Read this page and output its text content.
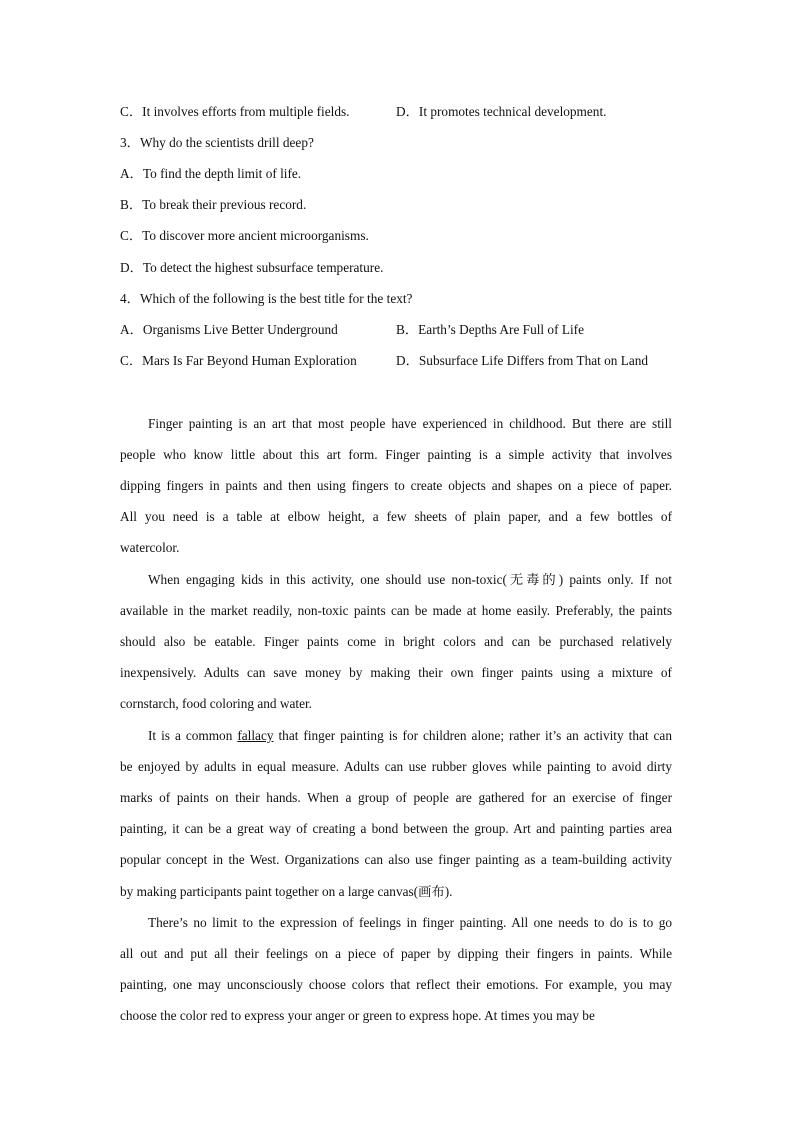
C．It involves efforts from multiple fields.	D．It promotes technical development.
3．Why do the scientists drill deep?
A．To find the depth limit of life.
B．To break their previous record.
C．To discover more ancient microorganisms.
D．To detect the highest subsurface temperature.
4．Which of the following is the best title for the text?
A．Organisms Live Better Underground	B．Earth’s Depths Are Full of Life
C．Mars Is Far Beyond Human Exploration	D．Subsurface Life Differs from That on Land
Finger painting is an art that most people have experienced in childhood. But there are still
people who know little about this art form. Finger painting is a simple activity that involves
dipping fingers in paints and then using fingers to create objects and shapes on a piece of paper.
All you need is a table at elbow height, a few sheets of plain paper, and a few bottles of
watercolor.
When engaging kids in this activity, one should use non-toxic(无毒的) paints only. If not
available in the market readily, non-toxic paints can be made at home easily. Preferably, the paints
should also be eatable. Finger paints come in bright colors and can be purchased relatively
inexpensively. Adults can save money by making their own finger paints using a mixture of
cornstarch, food coloring and water.
It is a common fallacy that finger painting is for children alone; rather it’s an activity that can
be enjoyed by adults in equal measure. Adults can use rubber gloves while painting to avoid dirty
marks of paints on their hands. When a group of people are gathered for an exercise of finger
painting, it can be a great way of creating a bond between the group. Art and painting parties area
popular concept in the West. Organizations can also use finger painting as a team-building activity
by making participants paint together on a large canvas(画布).
There’s no limit to the expression of feelings in finger painting. All one needs to do is to go
all out and put all their feelings on a piece of paper by dipping their fingers in paints. While
painting, one may unconsciously choose colors that reflect their emotions. For example, you may
choose the color red to express your anger or green to express hope. At times you may be
